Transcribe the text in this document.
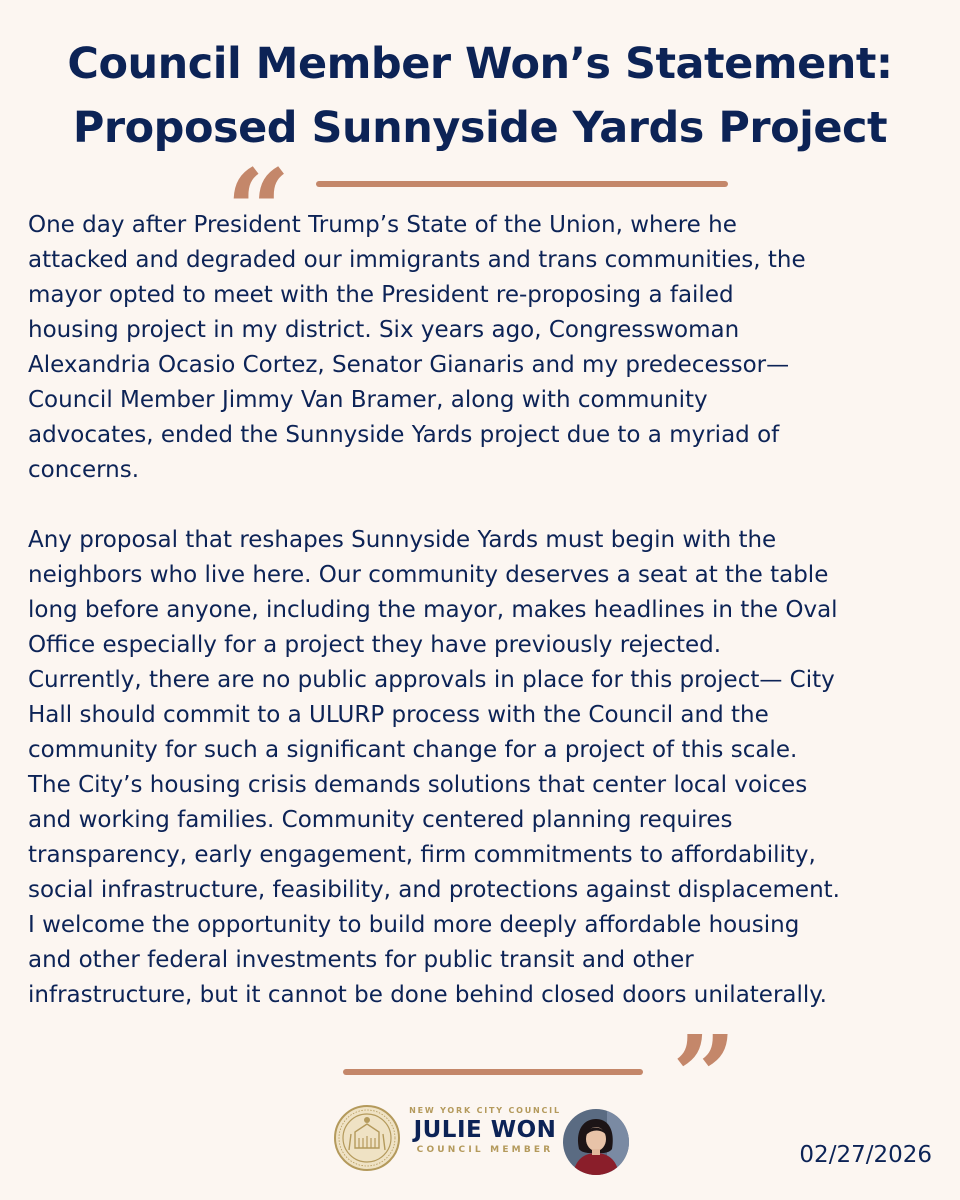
Council Member Won’s Statement:
Proposed Sunnyside Yards Project
“
One day after President Trump’s State of the Union, where he
attacked and degraded our immigrants and trans communities, the
mayor opted to meet with the President re-proposing a failed
housing project in my district. Six years ago, Congresswoman
Alexandria Ocasio Cortez, Senator Gianaris and my predecessor—
Council Member Jimmy Van Bramer, along with community
advocates, ended the Sunnyside Yards project due to a myriad of
concerns.
Any proposal that reshapes Sunnyside Yards must begin with the
neighbors who live here. Our community deserves a seat at the table
long before anyone, including the mayor, makes headlines in the Oval
Office especially for a project they have previously rejected.
Currently, there are no public approvals in place for this project— City
Hall should commit to a ULURP process with the Council and the
community for such a significant change for a project of this scale.
The City’s housing crisis demands solutions that center local voices
and working families. Community centered planning requires
transparency, early engagement, firm commitments to affordability,
social infrastructure, feasibility, and protections against displacement.
I welcome the opportunity to build more deeply affordable housing
and other federal investments for public transit and other
infrastructure, but it cannot be done behind closed doors unilaterally.
”
NEW YORK CITY COUNCIL
JULIE WON
COUNCIL MEMBER	02/27/2026
